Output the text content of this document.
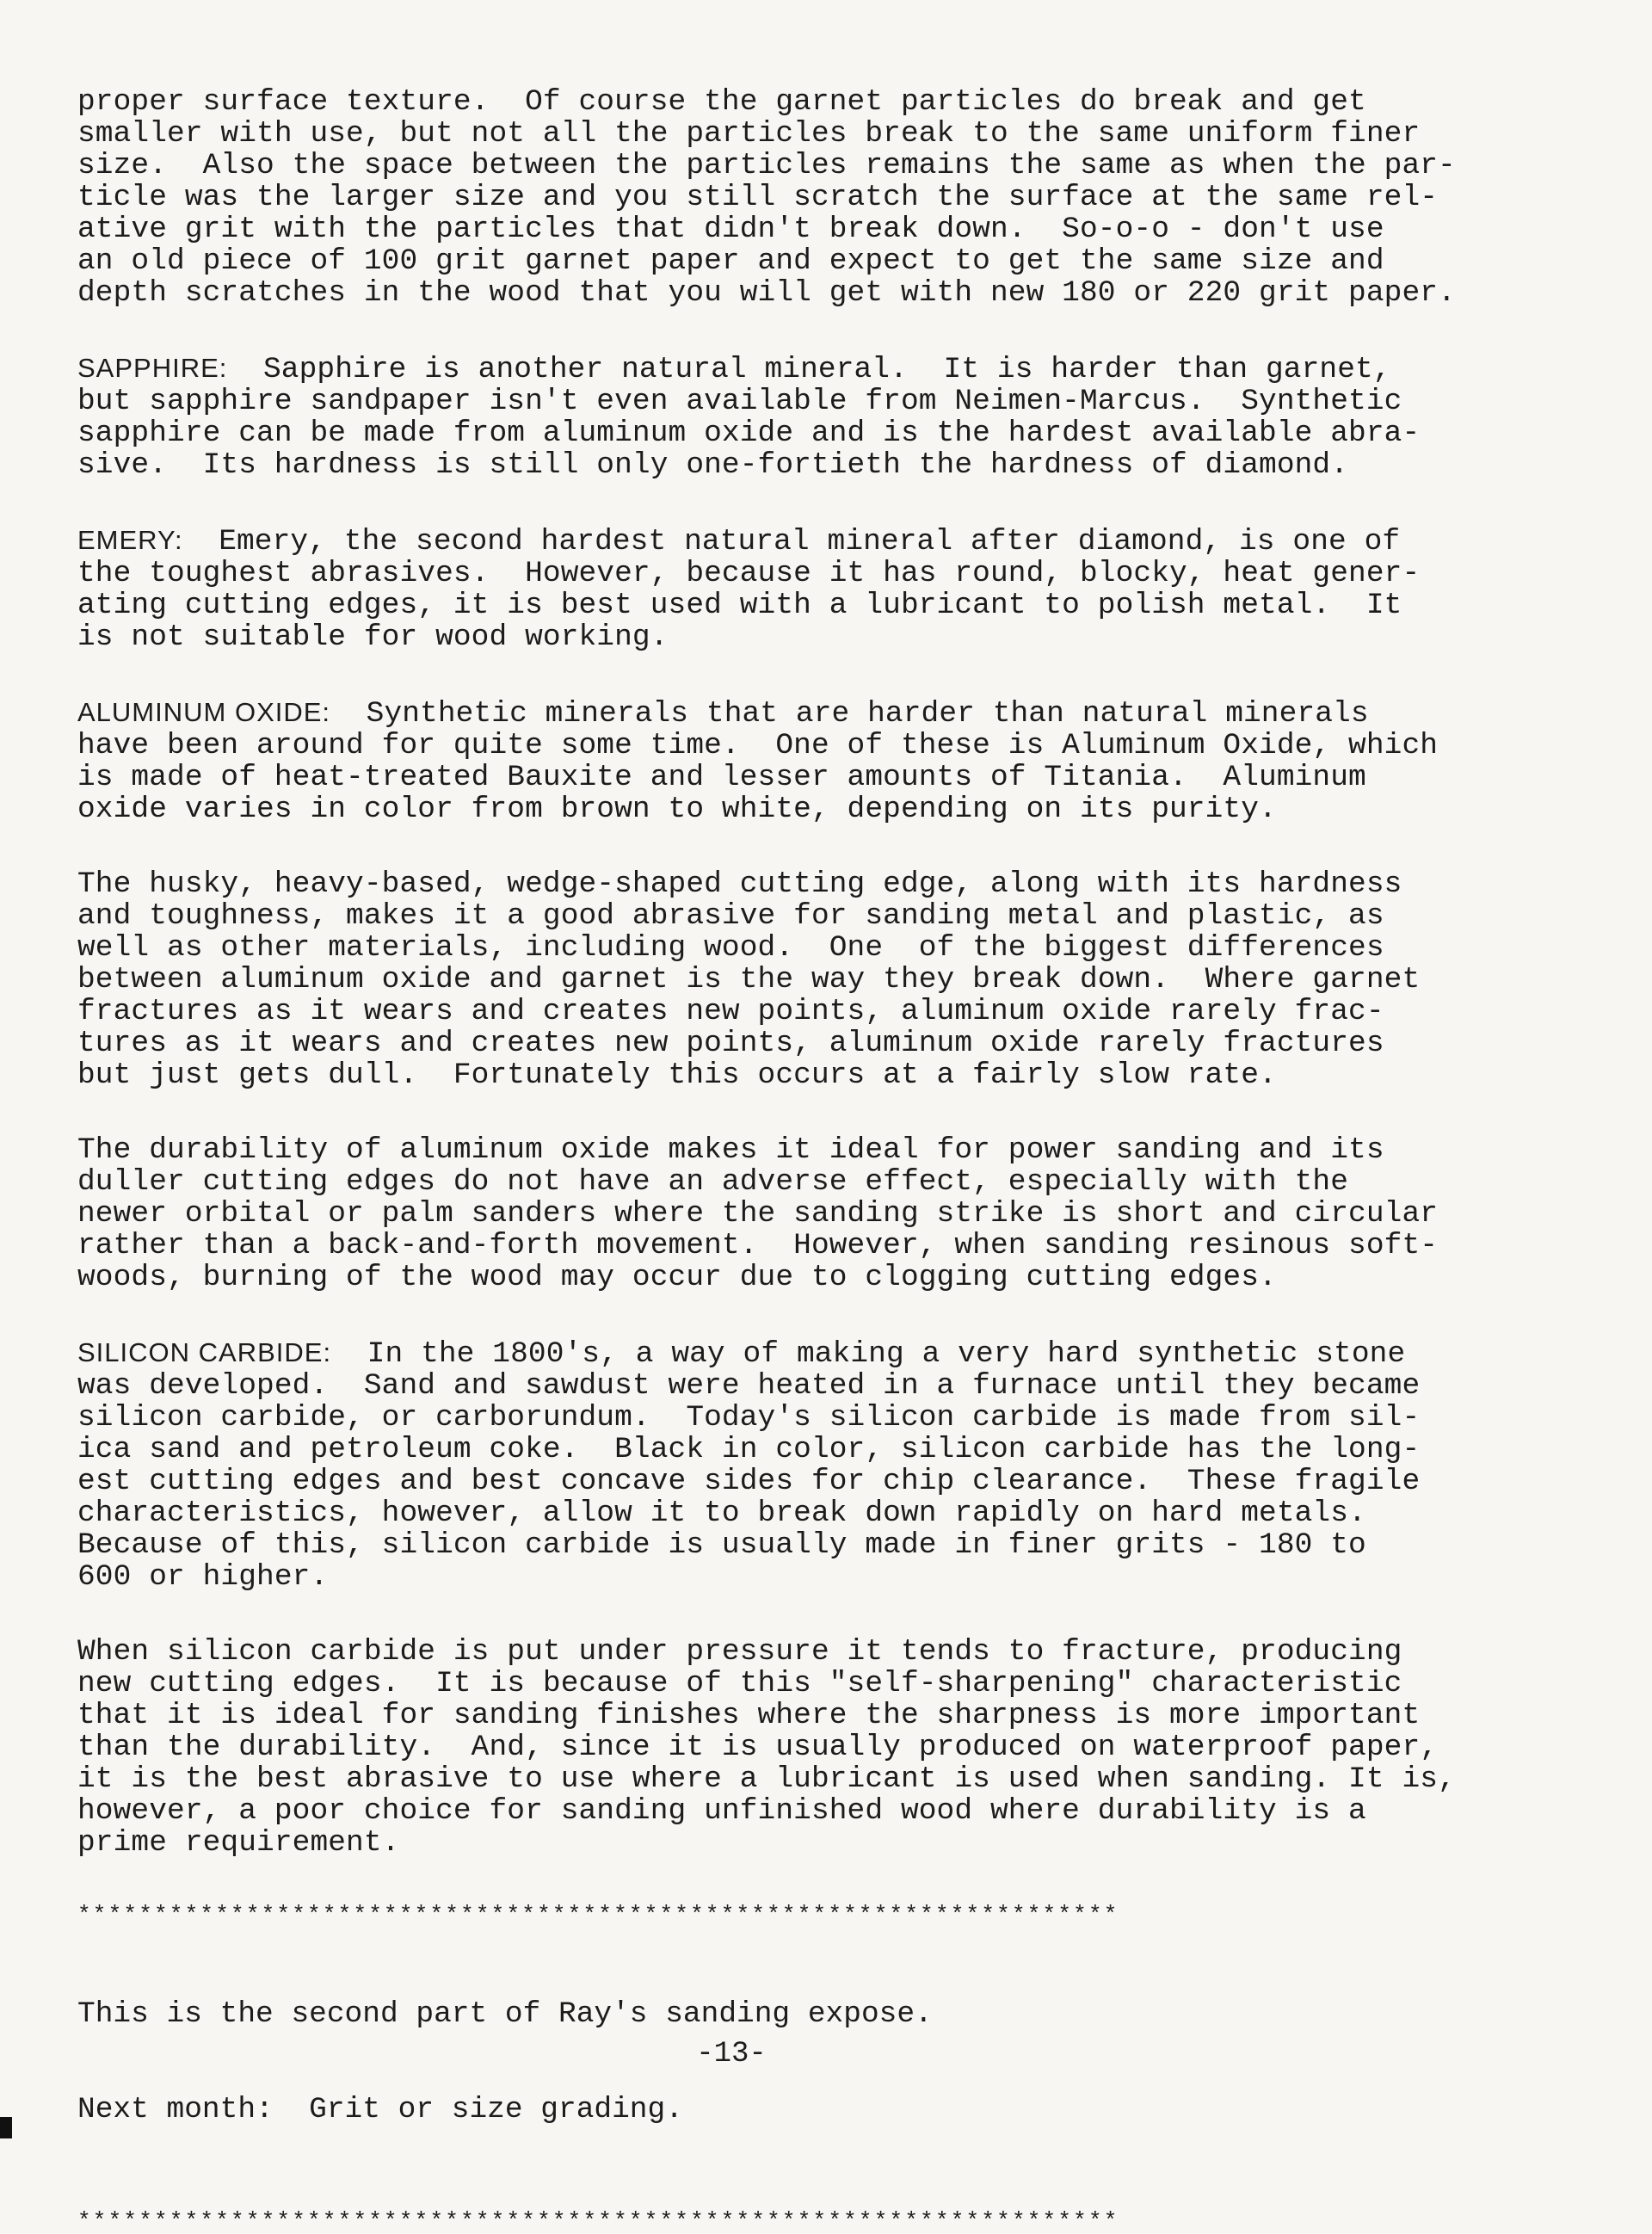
proper surface texture.  Of course the garnet particles do break and get
smaller with use, but not all the particles break to the same uniform finer
size.  Also the space between the particles remains the same as when the par-
ticle was the larger size and you still scratch the surface at the same rel-
ative grit with the particles that didn't break down.  So-o-o - don't use
an old piece of 100 grit garnet paper and expect to get the same size and
depth scratches in the wood that you will get with new 180 or 220 grit paper.
SAPPHIRE:  Sapphire is another natural mineral.  It is harder than garnet,
but sapphire sandpaper isn't even available from Neimen-Marcus.  Synthetic
sapphire can be made from aluminum oxide and is the hardest available abra-
sive.  Its hardness is still only one-fortieth the hardness of diamond.
EMERY:  Emery, the second hardest natural mineral after diamond, is one of
the toughest abrasives.  However, because it has round, blocky, heat gener-
ating cutting edges, it is best used with a lubricant to polish metal.  It
is not suitable for wood working.
ALUMINUM OXIDE:  Synthetic minerals that are harder than natural minerals
have been around for quite some time.  One of these is Aluminum Oxide, which
is made of heat-treated Bauxite and lesser amounts of Titania.  Aluminum
oxide varies in color from brown to white, depending on its purity.
The husky, heavy-based, wedge-shaped cutting edge, along with its hardness
and toughness, makes it a good abrasive for sanding metal and plastic, as
well as other materials, including wood.  One  of the biggest differences
between aluminum oxide and garnet is the way they break down.  Where garnet
fractures as it wears and creates new points, aluminum oxide rarely frac-
tures as it wears and creates new points, aluminum oxide rarely fractures
but just gets dull.  Fortunately this occurs at a fairly slow rate.
The durability of aluminum oxide makes it ideal for power sanding and its
duller cutting edges do not have an adverse effect, especially with the
newer orbital or palm sanders where the sanding strike is short and circular
rather than a back-and-forth movement.  However, when sanding resinous soft-
woods, burning of the wood may occur due to clogging cutting edges.
SILICON CARBIDE:  In the 1800's, a way of making a very hard synthetic stone
was developed.  Sand and sawdust were heated in a furnace until they became
silicon carbide, or carborundum.  Today's silicon carbide is made from sil-
ica sand and petroleum coke.  Black in color, silicon carbide has the long-
est cutting edges and best concave sides for chip clearance.  These fragile
characteristics, however, allow it to break down rapidly on hard metals.
Because of this, silicon carbide is usually made in finer grits - 180 to
600 or higher.
When silicon carbide is put under pressure it tends to fracture, producing
new cutting edges.  It is because of this "self-sharpening" characteristic
that it is ideal for sanding finishes where the sharpness is more important
than the durability.  And, since it is usually produced on waterproof paper,
it is the best abrasive to use where a lubricant is used when sanding. It is,
however, a poor choice for sanding unfinished wood where durability is a
prime requirement.
********************************************************************

This is the second part of Ray's sanding expose.

Next month:  Grit or size grading.

********************************************************************
-13-
